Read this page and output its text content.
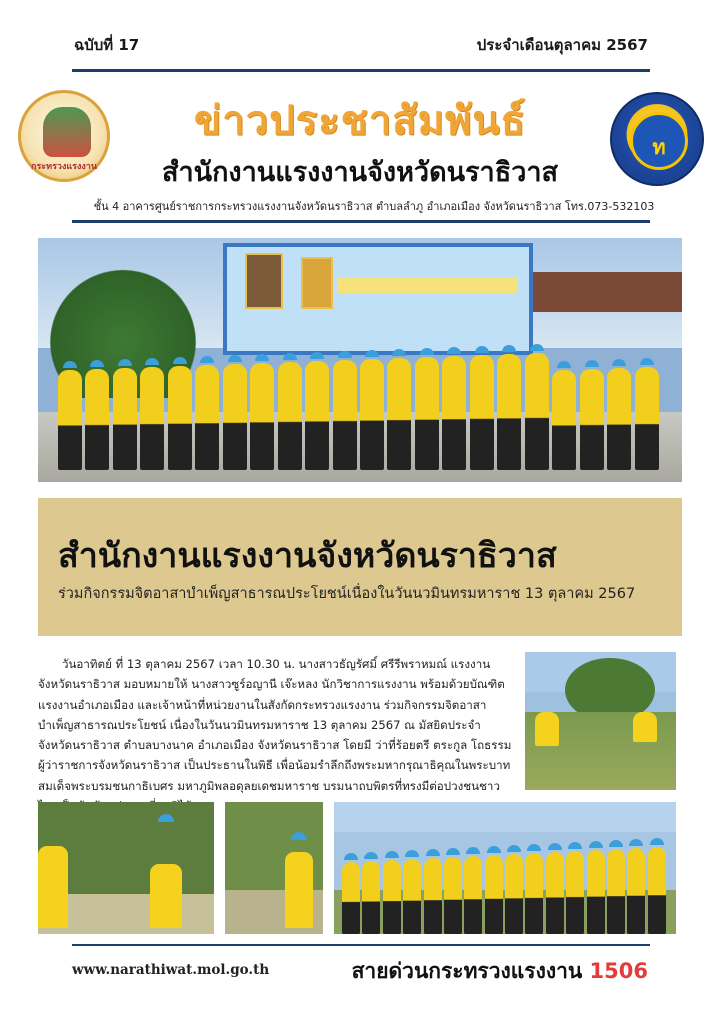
ฉบับที่ 17	ประจำเดือนตุลาคม 2567
กระทรวงแรงงาน
ข่าวประชาสัมพันธ์
สำนักงานแรงงานจังหวัดนราธิวาส
ท
ชั้น 4 อาคารศูนย์ราชการกระทรวงแรงงานจังหวัดนราธิวาส ตำบลลำภู อำเภอเมือง จังหวัดนราธิวาส โทร.073-532103
สำนักงานแรงงานจังหวัดนราธิวาส
ร่วมกิจกรรมจิตอาสาบำเพ็ญสาธารณประโยชน์เนื่องในวันนวมินทรมหาราช 13 ตุลาคม 2567
วันอาทิตย์ ที่ 13 ตุลาคม 2567 เวลา 10.30 น. นางสาวธัญรัศมิ์ ศรีรีพราหมณ์ แรงงานจังหวัดนราธิวาส มอบหมายให้ นางสาวซูร์อญานี เจ๊ะหลง นักวิชาการแรงงาน พร้อมด้วยบัณฑิตแรงงานอำเภอเมือง และเจ้าหน้าที่หน่วยงานในสังกัดกระทรวงแรงงาน ร่วมกิจกรรมจิตอาสาบำเพ็ญสาธารณประโยชน์ เนื่องในวันนวมินทรมหาราช 13 ตุลาคม 2567 ณ มัสยิดประจำจังหวัดนราธิวาส ตำบลบางนาค อำเภอเมือง จังหวัดนราธิวาส โดยมี ว่าที่ร้อยตรี ตระกูล โถธรรม ผู้ว่าราชการจังหวัดนราธิวาส เป็นประธานในพิธี เพื่อน้อมรำลึกถึงพระมหากรุณาธิคุณในพระบาทสมเด็จพระบรมชนกาธิเบศร มหาภูมิพลอดุลยเดชมหาราช บรมนาถบพิตรที่ทรงมีต่อปวงชนชาว
www.narathiwat.mol.go.th	สายด่วนกระทรวงแรงงาน 1506
